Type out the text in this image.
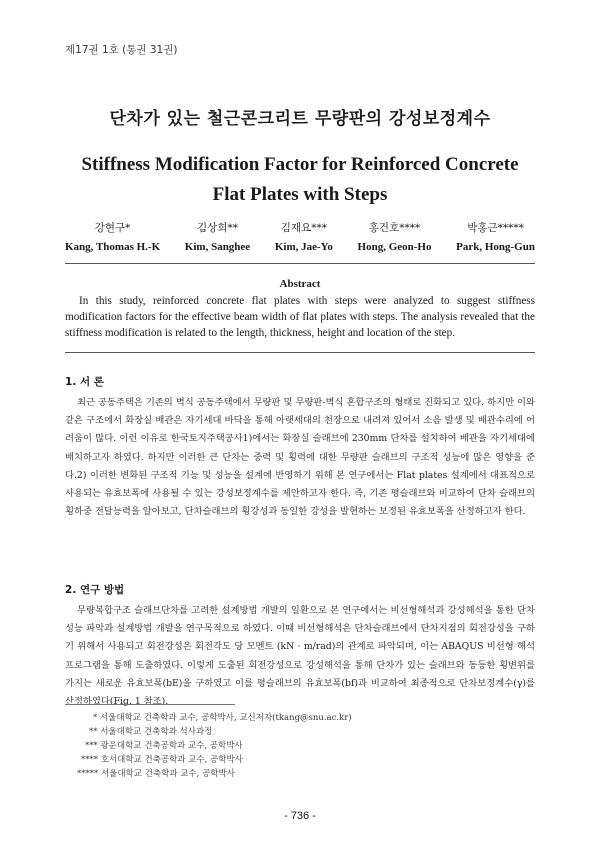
제17권 1호 (통권 31권)
단차가 있는 철근콘크리트 무량판의 강성보정계수
Stiffness Modification Factor for Reinforced Concrete Flat Plates with Steps
강현구*
Kang, Thomas H.-K
김상희**
Kim, Sanghee
김재요***
Kim, Jae-Yo
홍건호****
Hong, Geon-Ho
박홍근*****
Park, Hong-Gun
Abstract

In this study, reinforced concrete flat plates with steps were analyzed to suggest stiffness modification factors for the effective beam width of flat plates with steps. The analysis revealed that the stiffness modification is related to the length, thickness, height and location of the step.

1. 서 론

최근 공동주택은 기존의 벽식 공동주택에서 무량판 및 무량판-벽식 혼합구조의 형태로 진화되고 있다. 하지만 이와 같은 구조에서 화장실 배관은 자기세대 바닥을 통해 아랫세대의 천장으로 내려져 있어서 소음 발생 및 배관수리에 어려움이 많다. 이런 이유로 한국토지주택공사1)에서는 화장실 슬래브에 230mm 단차를 설치하여 배관을 자기세대에 배치하고자 하였다. 하지만 이러한 큰 단차는 중력 및 횡력에 대한 무량판 슬래브의 구조적 성능에 많은 영향을 준다.2) 이러한 변화된 구조적 기능 및 성능을 설계에 반영하기 위해 본 연구에서는 Flat plates 설계에서 대표적으로 사용되는 유효보폭에 사용될 수 있는 강성보정계수를 제안하고자 한다. 즉, 기존 평슬래브와 비교하여 단차 슬래브의 횡하중 전달능력을 알아보고, 단차슬래브의 횡강성과 동일한 강성을 발현하는 보정된 유효보폭을 산정하고자 한다.

2. 연구 방법

무량복합구조 슬래브단차를 고려한 설계방법 개발의 일환으로 본 연구에서는 비선형해석과 강성해석을 통한 단차성능 파악과 설계방법 개발을 연구목적으로 하였다. 이때 비선형해석은 단차슬래브에서 단차지점의 회전강성을 구하기 위해서 사용되고 회전강성은 회전각도 당 모멘트 (kN · m/rad)의 관계로 파악되며, 이는 ABAQUS 비선형 해석프로그램을 통해 도출하였다. 이렇게 도출된 회전강성으로 강성해석을 통해 단차가 있는 슬래브와 동등한 횡변위를 가지는 새로운 유효보폭(bE)을 구하였고 이를 평슬래브의 유효보폭(bf)과 비교하여 최종적으로 단차보정계수(γ)를 산정하였다(Fig. 1 참조).

* 서울대학교 건축학과 교수, 공학박사, 교신저자(tkang@snu.ac.kr)
** 서울대학교 건축학과 석사과정
*** 광운대학교 건축공학과 교수, 공학박사
**** 호서대학교 건축공학과 교수, 공학박사
***** 서울대학교 건축학과 교수, 공학박사
- 736 -
